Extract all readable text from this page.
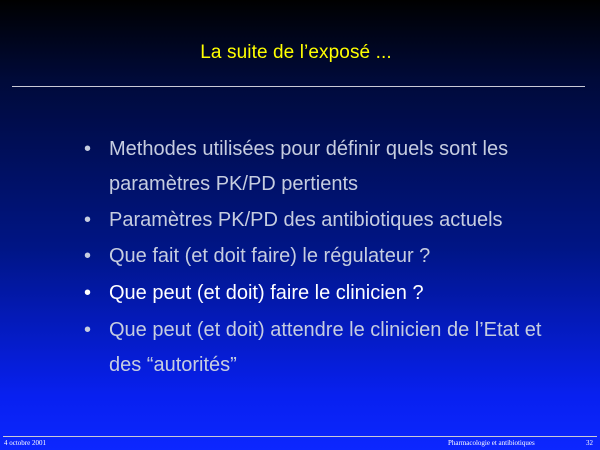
La suite de l’exposé ...
• Methodes utilisées pour définir quels sont les paramètres PK/PD pertients
• Paramètres PK/PD des antibiotiques actuels
• Que fait (et doit faire) le régulateur ?
• Que peut (et doit) faire le clinicien ?
• Que peut (et doit) attendre le clinicien de l’Etat et des “autorités”
4 octobre 2001	Pharmacologie et antibiotiques	32
